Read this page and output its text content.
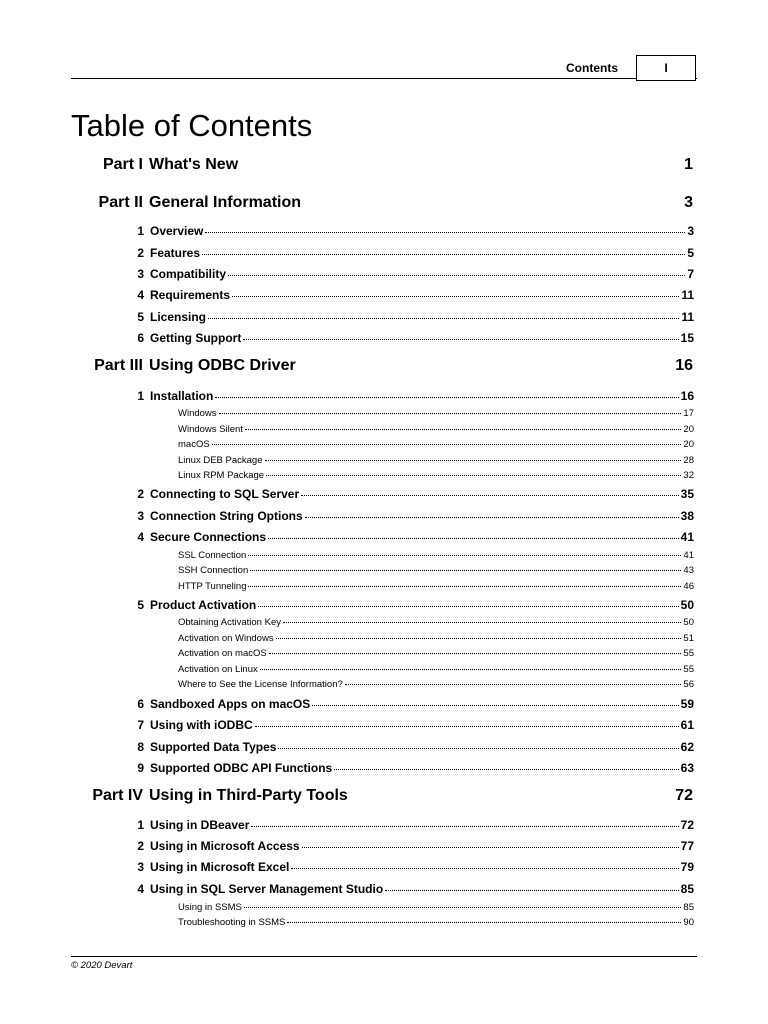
Contents	I
Table of Contents
Part I What's New	1
Part II General Information	3
1 Overview	3
2 Features	5
3 Compatibility	7
4 Requirements	11
5 Licensing	11
6 Getting Support	15
Part III Using ODBC Driver	16
1 Installation	16
Windows	17
Windows Silent	20
macOS	20
Linux DEB Package	28
Linux RPM Package	32
2 Connecting to SQL Server	35
3 Connection String Options	38
4 Secure Connections	41
SSL Connection	41
SSH Connection	43
HTTP Tunneling	46
5 Product Activation	50
Obtaining Activation Key	50
Activation on Windows	51
Activation on macOS	55
Activation on Linux	55
Where to See the License Information?	56
6 Sandboxed Apps on macOS	59
7 Using with iODBC	61
8 Supported Data Types	62
9 Supported ODBC API Functions	63
Part IV Using in Third-Party Tools	72
1 Using in DBeaver	72
2 Using in Microsoft Access	77
3 Using in Microsoft Excel	79
4 Using in SQL Server Management Studio	85
Using in SSMS	85
Troubleshooting in SSMS	90
© 2020 Devart
